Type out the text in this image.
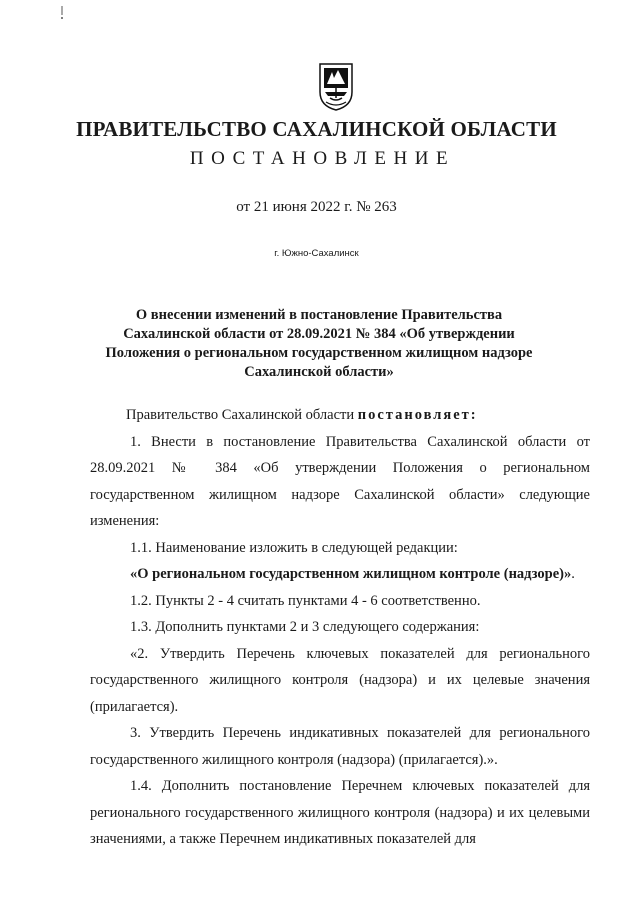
ПРАВИТЕЛЬСТВО САХАЛИНСКОЙ ОБЛАСТИ
ПОСТАНОВЛЕНИЕ
от 21 июня 2022 г. № 263
г. Южно-Сахалинск
О внесении изменений в постановление Правительства Сахалинской области от 28.09.2021 № 384 «Об утверждении Положения о региональном государственном жилищном надзоре Сахалинской области»

Правительство Сахалинской области постановляет:

1. Внести в постановление Правительства Сахалинской области от 28.09.2021 № 384 «Об утверждении Положения о региональном государственном жилищном надзоре Сахалинской области» следующие изменения:

1.1. Наименование изложить в следующей редакции:

«О региональном государственном жилищном контроле (надзоре)».

1.2. Пункты 2 - 4 считать пунктами 4 - 6 соответственно.

1.3. Дополнить пунктами 2 и 3 следующего содержания:

«2. Утвердить Перечень ключевых показателей для регионального государственного жилищного контроля (надзора) и их целевые значения (прилагается).

3. Утвердить Перечень индикативных показателей для регионального государственного жилищного контроля (надзора) (прилагается).».

1.4. Дополнить постановление Перечнем ключевых показателей для регионального государственного жилищного контроля (надзора) и их целевыми значениями, а также Перечнем индикативных показателей для
